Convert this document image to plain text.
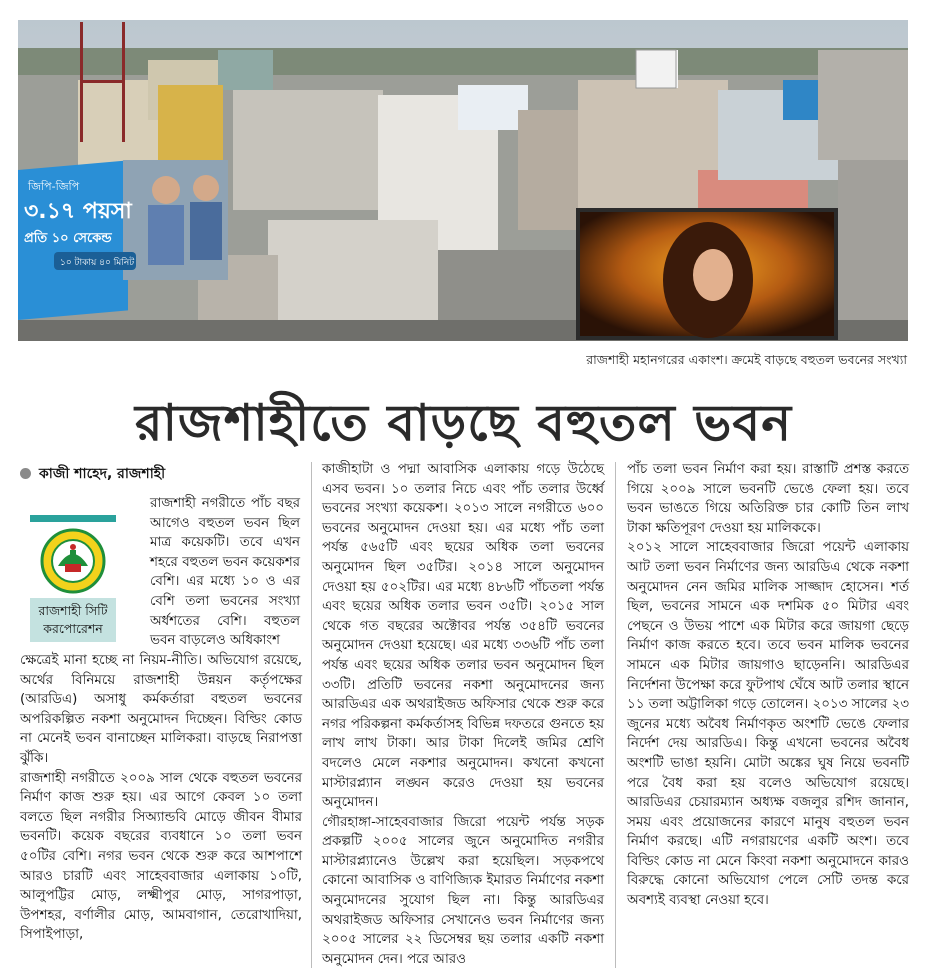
জিপি-জিপি
৩.১৭ পয়সা
প্রতি ১০ সেকেন্ড
১০ টাকায় ৪০ মিনিট
রাজশাহী মহানগরের একাংশ। ক্রমেই বাড়ছে বহুতল ভবনের সংখ্যা
রাজশাহীতে বাড়ছে বহুতল ভবন
কাজী শাহেদ, রাজশাহী
রাজশাহী সিটি করপোরেশন

রাজশাহী নগরীতে পাঁচ বছর আগেও বহুতল ভবন ছিল মাত্র কয়েকটি। তবে এখন শহরে বহুতল ভবন কয়েকশর বেশি। এর মধ্যে ১০ ও এর বেশি তলা ভবনের সংখ্যা অর্ধশতের বেশি। বহুতল ভবন বাড়লেও অধিকাংশ

ক্ষেত্রেই মানা হচ্ছে না নিয়ম-নীতি। অভিযোগ রয়েছে, অর্থের বিনিময়ে রাজশাহী উন্নয়ন কর্তৃপক্ষের (আরডিএ) অসাধু কর্মকর্তারা বহুতল ভবনের অপরিকল্পিত নকশা অনুমোদন দিচ্ছেন। বিল্ডিং কোড না মেনেই ভবন বানাচ্ছেন মালিকরা। বাড়ছে নিরাপত্তা ঝুঁকি।

রাজশাহী নগরীতে ২০০৯ সাল থেকে বহুতল ভবনের নির্মাণ কাজ শুরু হয়। এর আগে কেবল ১০ তলা বলতে ছিল নগরীর সিঅ্যান্ডবি মোড়ে জীবন বীমার ভবনটি। কয়েক বছরের ব্যবধানে ১০ তলা ভবন ৫০টির বেশি। নগর ভবন থেকে শুরু করে আশপাশে আরও চারটি এবং সাহেববাজার এলাকায় ১০টি, আলুপট্টির মোড়, লক্ষ্মীপুর মোড়, সাগরপাড়া, উপশহর, বর্ণালীর মোড়, আমবাগান, তেরোখাদিয়া, সিপাইপাড়া,

কাজীহাটা ও পদ্মা আবাসিক এলাকায় গড়ে উঠেছে এসব ভবন। ১০ তলার নিচে এবং পাঁচ তলার উর্ধ্বে ভবনের সংখ্যা কয়েকশ। ২০১৩ সালে নগরীতে ৬০০ ভবনের অনুমোদন দেওয়া হয়। এর মধ্যে পাঁচ তলা পর্যন্ত ৫৬৫টি এবং ছয়ের অধিক তলা ভবনের অনুমোদন ছিল ৩৫টির। ২০১৪ সালে অনুমোদন দেওয়া হয় ৫০২টির। এর মধ্যে ৪৮৬টি পাঁচতলা পর্যন্ত এবং ছয়ের অধিক তলার ভবন ৩৫টি। ২০১৫ সাল থেকে গত বছরের অক্টোবর পর্যন্ত ৩৫৪টি ভবনের অনুমোদন দেওয়া হয়েছে। এর মধ্যে ৩৩৬টি পাঁচ তলা পর্যন্ত এবং ছয়ের অধিক তলার ভবন অনুমোদন ছিল ৩৩টি। প্রতিটি ভবনের নকশা অনুমোদনের জন্য আরডিএর এক অথরাইজড অফিসার থেকে শুরু করে নগর পরিকল্পনা কর্মকর্তাসহ বিভিন্ন দফতরে গুনতে হয় লাখ লাখ টাকা। আর টাকা দিলেই জমির শ্রেণি বদলেও মেলে নকশার অনুমোদন। কখনো কখনো মাস্টারপ্ল্যান লঙ্ঘন করেও দেওয়া হয় ভবনের অনুমোদন।

গৌরহাঙ্গা-সাহেববাজার জিরো পয়েন্ট পর্যন্ত সড়ক প্রকল্পটি ২০০৫ সালের জুনে অনুমোদিত নগরীর মাস্টারপ্ল্যানেও উল্লেখ করা হয়েছিল। সড়কপথে কোনো আবাসিক ও বাণিজ্যিক ইমারত নির্মাণের নকশা অনুমোদনের সুযোগ ছিল না। কিন্তু আরডিএর অথরাইজড অফিসার সেখানেও ভবন নির্মাণের জন্য ২০০৫ সালের ২২ ডিসেম্বর ছয় তলার একটি নকশা অনুমোদন দেন। পরে আরও

পাঁচ তলা ভবন নির্মাণ করা হয়। রাস্তাটি প্রশস্ত করতে গিয়ে ২০০৯ সালে ভবনটি ভেঙে ফেলা হয়। তবে ভবন ভাঙতে গিয়ে অতিরিক্ত চার কোটি তিন লাখ টাকা ক্ষতিপূরণ দেওয়া হয় মালিককে।

২০১২ সালে সাহেববাজার জিরো পয়েন্ট এলাকায় আট তলা ভবন নির্মাণের জন্য আরডিএ থেকে নকশা অনুমোদন নেন জমির মালিক সাজ্জাদ হোসেন। শর্ত ছিল, ভবনের সামনে এক দশমিক ৫০ মিটার এবং পেছনে ও উভয় পাশে এক মিটার করে জায়গা ছেড়ে নির্মাণ কাজ করতে হবে। তবে ভবন মালিক ভবনের সামনে এক মিটার জায়গাও ছাড়েননি। আরডিএর নির্দেশনা উপেক্ষা করে ফুটপাথ ঘেঁষে আট তলার স্থানে ১১ তলা অট্টালিকা গড়ে তোলেন। ২০১৩ সালের ২৩ জুনের মধ্যে অবৈধ নির্মাণকৃত অংশটি ভেঙে ফেলার নির্দেশ দেয় আরডিএ। কিন্তু এখনো ভবনের অবৈধ অংশটি ভাঙা হয়নি। মোটা অঙ্কের ঘুষ নিয়ে ভবনটি পরে বৈধ করা হয় বলেও অভিযোগ রয়েছে। আরডিএর চেয়ারম্যান অধ্যক্ষ বজলুর রশিদ জানান, সময় এবং প্রয়োজনের কারণে মানুষ বহুতল ভবন নির্মাণ করছে। এটি নগরায়ণের একটি অংশ। তবে বিল্ডিং কোড না মেনে কিংবা নকশা অনুমোদনে কারও বিরুদ্ধে কোনো অভিযোগ পেলে সেটি তদন্ত করে অবশ্যই ব্যবস্থা নেওয়া হবে।
